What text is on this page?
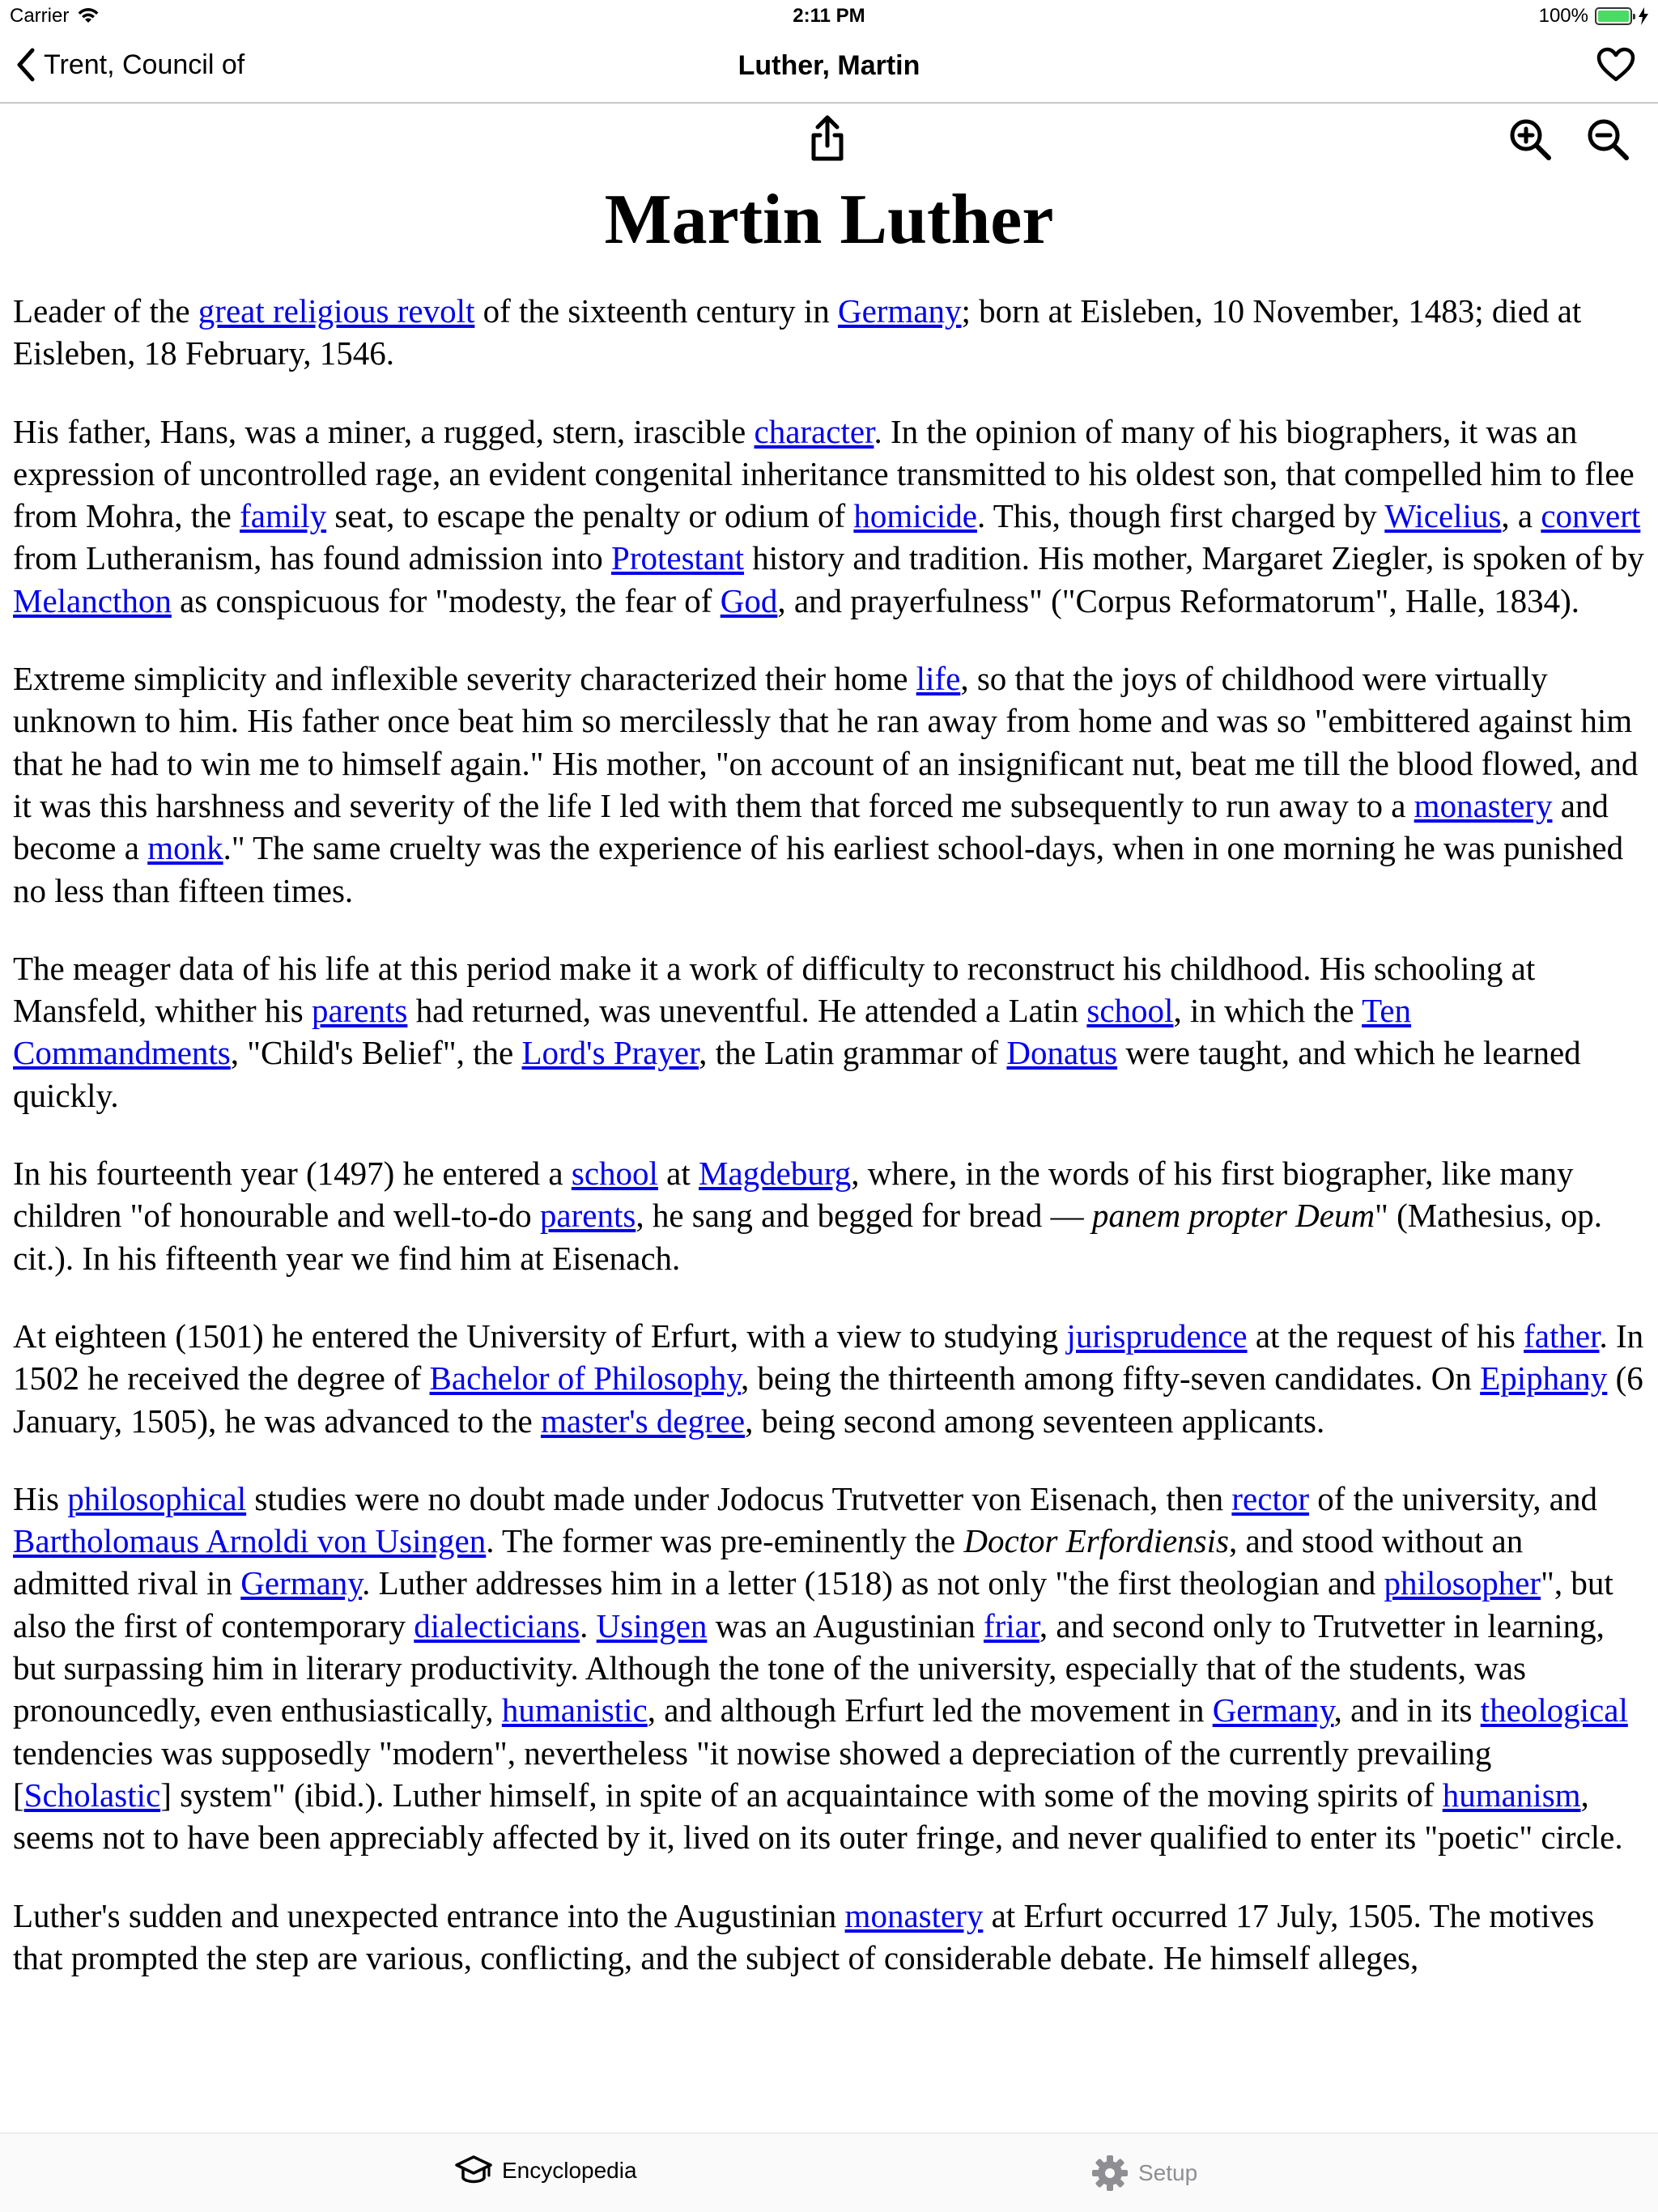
Carrier	2:11 PM	100%
Trent, Council of	Luther, Martin
Martin Luther

Leader of the great religious revolt of the sixteenth century in Germany; born at Eisleben, 10 November, 1483; died at Eisleben, 18 February, 1546.

His father, Hans, was a miner, a rugged, stern, irascible character. In the opinion of many of his biographers, it was an expression of uncontrolled rage, an evident congenital inheritance transmitted to his oldest son, that compelled him to flee from Mohra, the family seat, to escape the penalty or odium of homicide. This, though first charged by Wicelius, a convert from Lutheranism, has found admission into Protestant history and tradition. His mother, Margaret Ziegler, is spoken of by Melancthon as conspicuous for "modesty, the fear of God, and prayerfulness" ("Corpus Reformatorum", Halle, 1834).

Extreme simplicity and inflexible severity characterized their home life, so that the joys of childhood were virtually unknown to him. His father once beat him so mercilessly that he ran away from home and was so "embittered against him that he had to win me to himself again." His mother, "on account of an insignificant nut, beat me till the blood flowed, and it was this harshness and severity of the life I led with them that forced me subsequently to run away to a monastery and become a monk." The same cruelty was the experience of his earliest school-days, when in one morning he was punished no less than fifteen times.

The meager data of his life at this period make it a work of difficulty to reconstruct his childhood. His schooling at Mansfeld, whither his parents had returned, was uneventful. He attended a Latin school, in which the Ten Commandments, "Child's Belief", the Lord's Prayer, the Latin grammar of Donatus were taught, and which he learned quickly.

In his fourteenth year (1497) he entered a school at Magdeburg, where, in the words of his first biographer, like many children "of honourable and well-to-do parents, he sang and begged for bread — panem propter Deum" (Mathesius, op. cit.). In his fifteenth year we find him at Eisenach.

At eighteen (1501) he entered the University of Erfurt, with a view to studying jurisprudence at the request of his father. In 1502 he received the degree of Bachelor of Philosophy, being the thirteenth among fifty-seven candidates. On Epiphany (6 January, 1505), he was advanced to the master's degree, being second among seventeen applicants.

His philosophical studies were no doubt made under Jodocus Trutvetter von Eisenach, then rector of the university, and Bartholomaus Arnoldi von Usingen. The former was pre-eminently the Doctor Erfordiensis, and stood without an admitted rival in Germany. Luther addresses him in a letter (1518) as not only "the first theologian and philosopher", but also the first of contemporary dialecticians. Usingen was an Augustinian friar, and second only to Trutvetter in learning, but surpassing him in literary productivity. Although the tone of the university, especially that of the students, was pronouncedly, even enthusiastically, humanistic, and although Erfurt led the movement in Germany, and in its theological tendencies was supposedly "modern", nevertheless "it nowise showed a depreciation of the currently prevailing [Scholastic] system" (ibid.). Luther himself, in spite of an acquaintaince with some of the moving spirits of humanism, seems not to have been appreciably affected by it, lived on its outer fringe, and never qualified to enter its "poetic" circle.

Luther's sudden and unexpected entrance into the Augustinian monastery at Erfurt occurred 17 July, 1505. The motives that prompted the step are various, conflicting, and the subject of considerable debate. He himself alleges,

Encyclopedia	Setup
